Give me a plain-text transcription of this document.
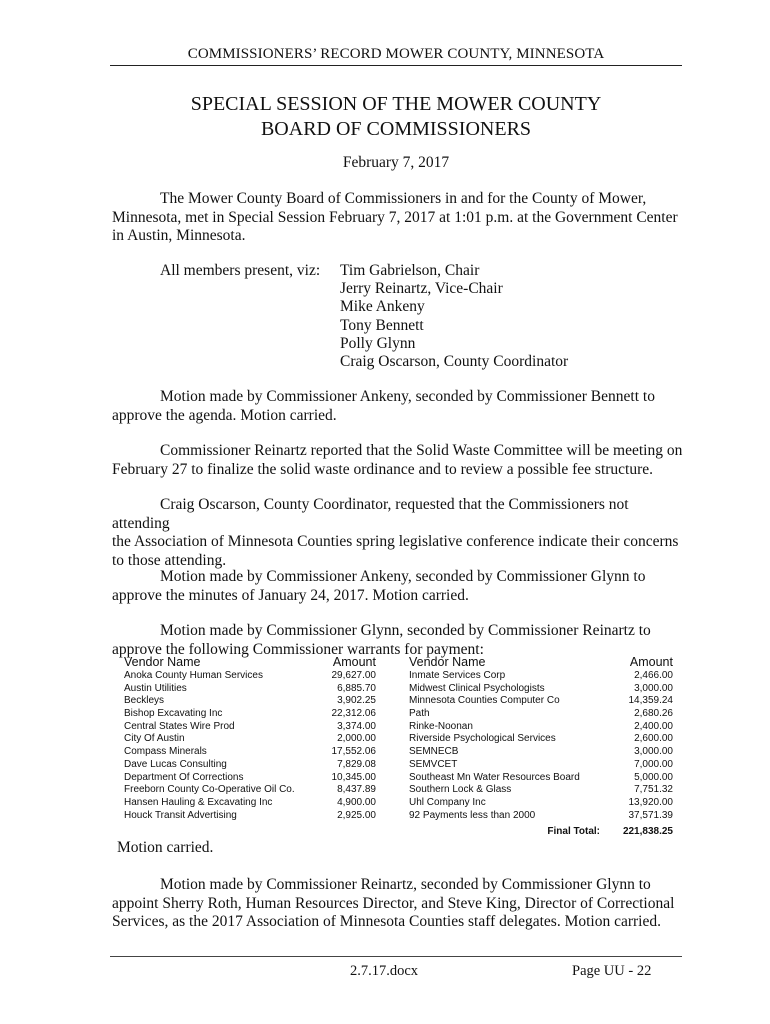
COMMISSIONERS’ RECORD MOWER COUNTY, MINNESOTA
SPECIAL SESSION OF THE MOWER COUNTY
BOARD OF COMMISSIONERS
February 7, 2017

The Mower County Board of Commissioners in and for the County of Mower,
Minnesota, met in Special Session February 7, 2017 at 1:01 p.m. at the Government Center
in Austin, Minnesota.

All members present, viz: Tim Gabrielson, Chair
Jerry Reinartz, Vice-Chair
Mike Ankeny
Tony Bennett
Polly Glynn
Craig Oscarson, County Coordinator

Motion made by Commissioner Ankeny, seconded by Commissioner Bennett to
approve the agenda. Motion carried.

Commissioner Reinartz reported that the Solid Waste Committee will be meeting on
February 27 to finalize the solid waste ordinance and to review a possible fee structure.

Craig Oscarson, County Coordinator, requested that the Commissioners not attending
the Association of Minnesota Counties spring legislative conference indicate their concerns
to those attending.

Motion made by Commissioner Ankeny, seconded by Commissioner Glynn to
approve the minutes of January 24, 2017. Motion carried.

Motion made by Commissioner Glynn, seconded by Commissioner Reinartz to
approve the following Commissioner warrants for payment:

Vendor Name	Amount
Anoka County Human Services	29,627.00
Austin Utilities	6,885.70
Beckleys	3,902.25
Bishop Excavating Inc	22,312.06
Central States Wire Prod	3,374.00
City Of Austin	2,000.00
Compass Minerals	17,552.06
Dave Lucas Consulting	7,829.08
Department Of Corrections	10,345.00
Freeborn County Co-Operative Oil Co.	8,437.89
Hansen Hauling & Excavating Inc	4,900.00
Houck Transit Advertising	2,925.00
Vendor Name	Amount
Inmate Services Corp	2,466.00
Midwest Clinical Psychologists	3,000.00
Minnesota Counties Computer Co	14,359.24
Path	2,680.26
Rinke-Noonan	2,400.00
Riverside Psychological Services	2,600.00
SEMNECB	3,000.00
SEMVCET	7,000.00
Southeast Mn Water Resources Board	5,000.00
Southern Lock & Glass	7,751.32
Uhl Company Inc	13,920.00
92 Payments less than 2000	37,571.39
Final Total:	221,838.25
Motion carried.

Motion made by Commissioner Reinartz, seconded by Commissioner Glynn to
appoint Sherry Roth, Human Resources Director, and Steve King, Director of Correctional
Services, as the 2017 Association of Minnesota Counties staff delegates. Motion carried.

2.7.17.docx	Page UU - 22
